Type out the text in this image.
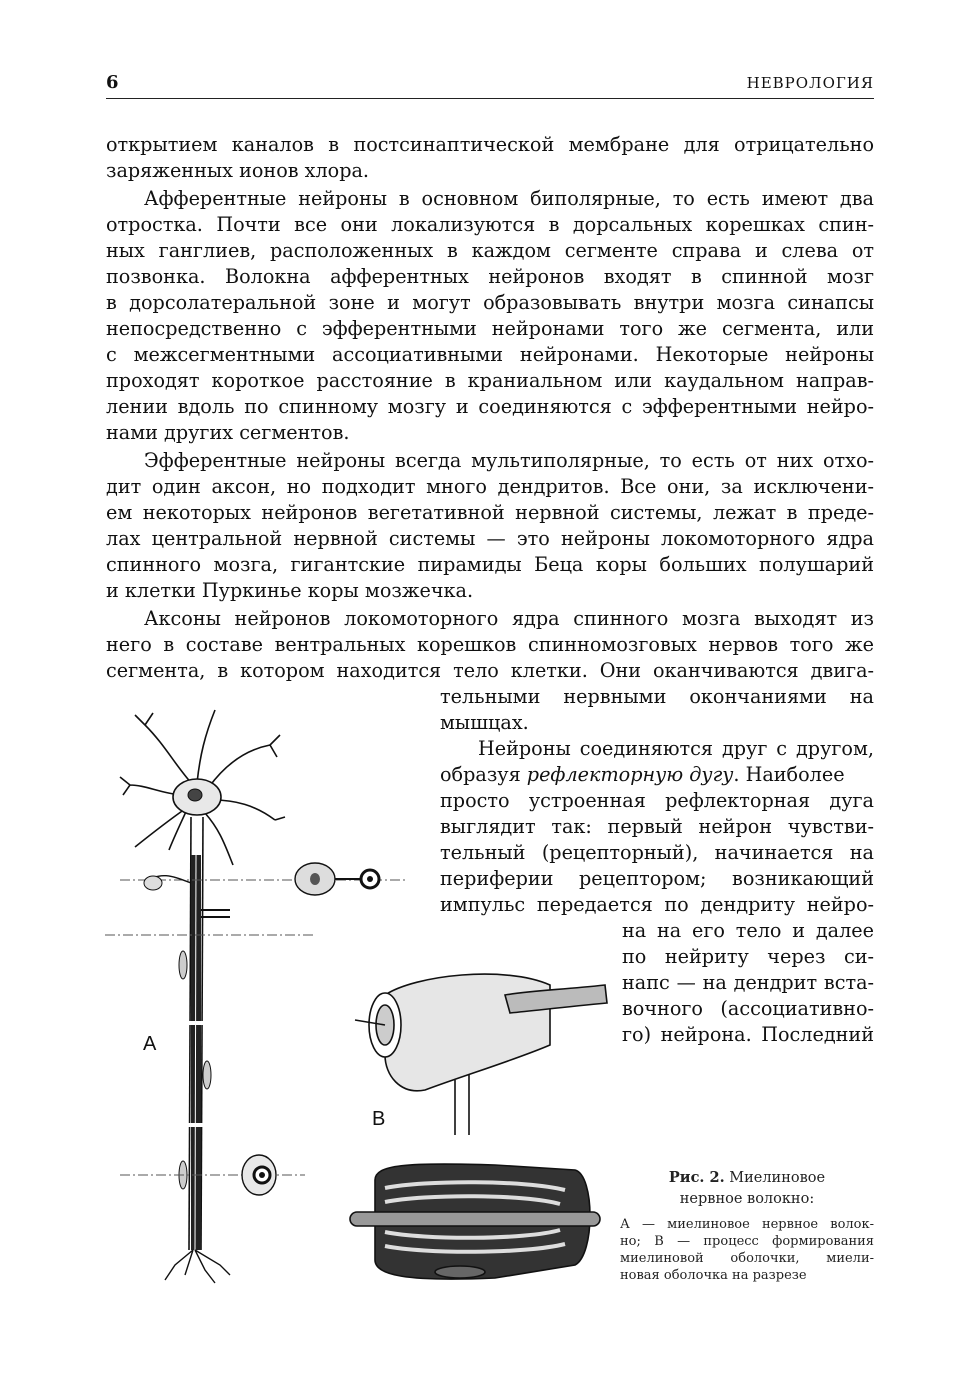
6	НЕВРОЛОГИЯ
открытием каналов в постсинаптической мембране для отрицательно
заряженных ионов хлора.
Афферентные нейроны в основном биполярные, то есть имеют два
отростка. Почти все они локализуются в дорсальных корешках спин-
ных ганглиев, расположенных в каждом сегменте справа и слева от
позвонка. Волокна афферентных нейронов входят в спинной мозг
в дорсолатеральной зоне и могут образовывать внутри мозга синапсы
непосредственно с эфферентными нейронами того же сегмента, или
с межсегментными ассоциативными нейронами. Некоторые нейроны
проходят короткое расстояние в краниальном или каудальном направ-
лении вдоль по спинному мозгу и соединяются с эфферентными нейро-
нами других сегментов.
Эфферентные нейроны всегда мультиполярные, то есть от них отхо-
дит один аксон, но подходит много дендритов. Все они, за исключени-
ем некоторых нейронов вегетативной нервной системы, лежат в преде-
лах центральной нервной системы — это нейроны локомоторного ядра
спинного мозга, гигантские пирамиды Беца коры больших полушарий
и клетки Пуркинье коры мозжечка.
Аксоны нейронов локомоторного ядра спинного мозга выходят из
него в составе вентральных корешков спинномозговых нервов того же
сегмента, в котором находится тело клетки. Они оканчиваются двига-
тельными нервными окончаниями на
мышцах.
Нейроны соединяются друг с другом,
образуя рефлекторную дугу. Наиболее
просто устроенная рефлекторная дуга
выглядит так: первый нейрон чувстви-
тельный (рецепторный), начинается на
периферии рецептором; возникающий
импульс передается по дендриту нейро-
на на его тело и далее
по нейриту через си-
напс — на дендрит вста-
вочного (ассоциативно-
го) нейрона. Последний
A
B
Рис. 2. Миелиновое
нервное волокно:
А — миелиновое нервное волок-
но; В — процесс формирования
миелиновой оболочки, миели-
новая оболочка на разрезе
